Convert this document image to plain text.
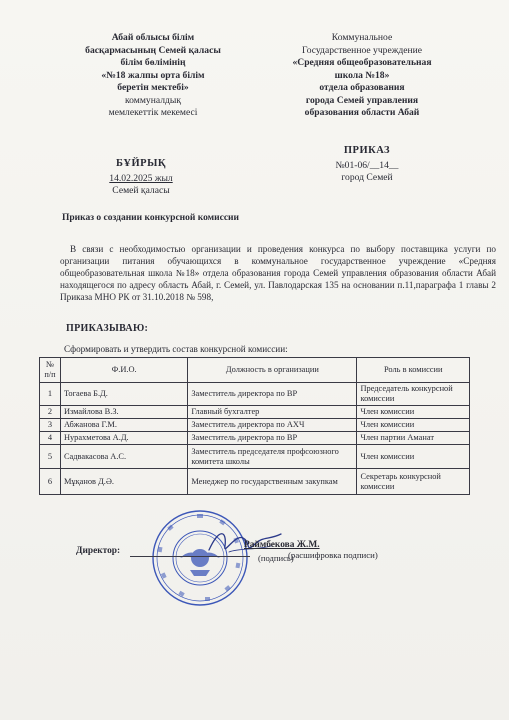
Абай облысы білім
басқармасының Семей қаласы
білім бөлімінің
«№18 жалпы орта білім
беретін мектебі»
коммуналдық
мемлекеттік мекемесі
Коммунальное
Государственное учреждение
«Средняя общеобразовательная
школа №18»
отдела образования
города Семей управления
образования области Абай
БҰЙРЫҚ
14.02.2025 жыл
Семей қаласы
ПРИКАЗ
№01-06/__14__
город Семей
Приказ о создании конкурсной комиссии
В связи с необходимостью организации и проведения конкурса по выбору поставщика услуги по организации питания обучающихся в коммунальное государственное учреждение «Средняя общеобразовательная школа №18» отдела образования города Семей управления образования области Абай находящегося по адресу область Абай, г. Семей, ул. Павлодарская 135 на основании п.11,параграфа 1 главы 2 Приказа МНО РК от 31.10.2018 № 598,
ПРИКАЗЫВАЮ:
Сформировать и утвердить состав конкурсной комиссии:
№ п/п	Ф.И.О.	Должность в организации	Роль в комиссии
1	Тогаева Б.Д.	Заместитель директора по ВР	Председатель конкурсной комиссии
2	Измайлова В.З.	Главный бухгалтер	Член комиссии
3	Абжанова Г.М.	Заместитель директора по АХЧ	Член комиссии
4	Нурахметова А.Д.	Заместитель директора по ВР	Член партии Аманат
5	Садвакасова А.С.	Заместитель председателя профсоюзного комитета школы	Член комиссии
6	Мұқанов Д.Ә.	Менеджер по государственным закупкам	Секретарь конкурсной комиссии
Директор:
Раймбекова Ж.М.
(подпись)
(расшифровка подписи)
